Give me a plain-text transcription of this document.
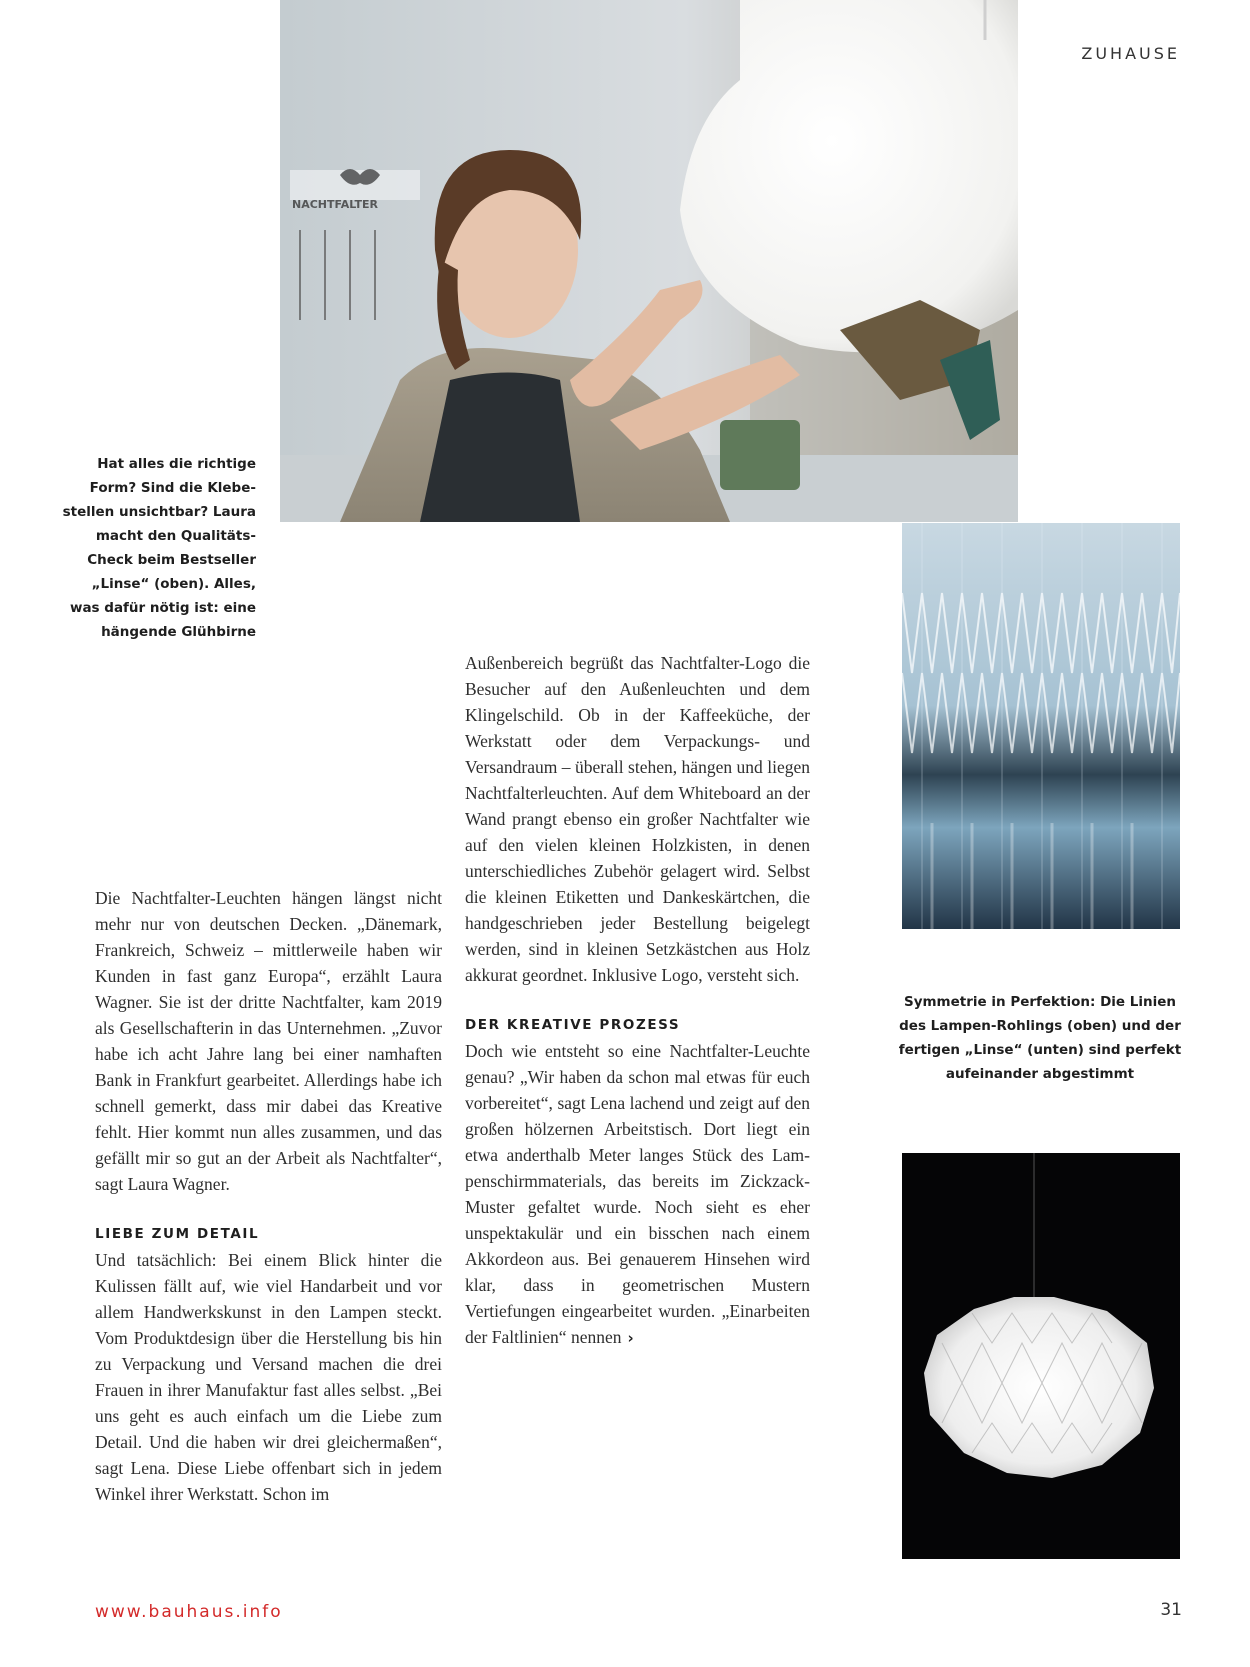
ZUHAUSE
NACHTFALTER
Hat alles die richtige Form? Sind die Klebestellen unsichtbar? Laura macht den Qualitäts-Check beim Bestseller „Linse“ (oben). Alles, was dafür nötig ist: eine hängende Glühbirne
Symmetrie in Perfektion: Die Linien des Lampen-Rohlings (oben) und der fertigen „Linse“ (unten) sind perfekt aufeinander abgestimmt

Die Nachtfalter-Leuchten hängen längst nicht mehr nur von deutschen Decken. „Dänemark, Frankreich, Schweiz – mittlerweile haben wir Kunden in fast ganz Europa“, erzählt Laura Wagner. Sie ist der dritte Nachtfalter, kam 2019 als Gesellschafterin in das Unternehmen. „Zuvor habe ich acht Jahre lang bei einer namhaften Bank in Frankfurt gearbeitet. Allerdings habe ich schnell gemerkt, dass mir dabei das Kreative fehlt. Hier kommt nun alles zusammen, und das gefällt mir so gut an der Arbeit als Nachtfalter“, sagt Laura Wagner.

LIEBE ZUM DETAIL

Und tatsächlich: Bei einem Blick hinter die Kulissen fällt auf, wie viel Handarbeit und vor allem Handwerkskunst in den Lampen steckt. Vom Produktdesign über die Herstellung bis hin zu Verpackung und Versand machen die drei Frauen in ihrer Manufaktur fast alles selbst. „Bei uns geht es auch einfach um die Liebe zum Detail. Und die haben wir drei gleichermaßen“, sagt Lena. Diese Liebe offenbart sich in jedem Winkel ihrer Werkstatt. Schon im

Außenbereich begrüßt das Nachtfalter-Logo die Besucher auf den Außenleuchten und dem Klingelschild. Ob in der Kaffeeküche, der Werkstatt oder dem Verpackungs- und Versandraum – überall stehen, hängen und liegen Nachtfalterleuchten. Auf dem Whiteboard an der Wand prangt ebenso ein großer Nachtfalter wie auf den vielen kleinen Holzkisten, in denen unterschiedliches Zubehör gelagert wird. Selbst die kleinen Etiketten und Dankeskärtchen, die handgeschrieben jeder Bestellung beigelegt werden, sind in kleinen Setzkästchen aus Holz akkurat geordnet. Inklusive Logo, versteht sich.

DER KREATIVE PROZESS

Doch wie entsteht so eine Nachtfalter-Leuchte genau? „Wir haben da schon mal etwas für euch vorbereitet“, sagt Lena lachend und zeigt auf den großen hölzernen Arbeitstisch. Dort liegt ein etwa anderthalb Meter langes Stück des Lampenschirmmaterials, das bereits im Zickzack-Muster gefaltet wurde. Noch sieht es eher unspektakulär und ein bisschen nach einem Akkordeon aus. Bei genauerem Hinsehen wird klar, dass in geometrischen Mustern Vertiefungen eingearbeitet wurden. „Einarbeiten der Faltlinien“ nennen ›

www.bauhaus.info	31
